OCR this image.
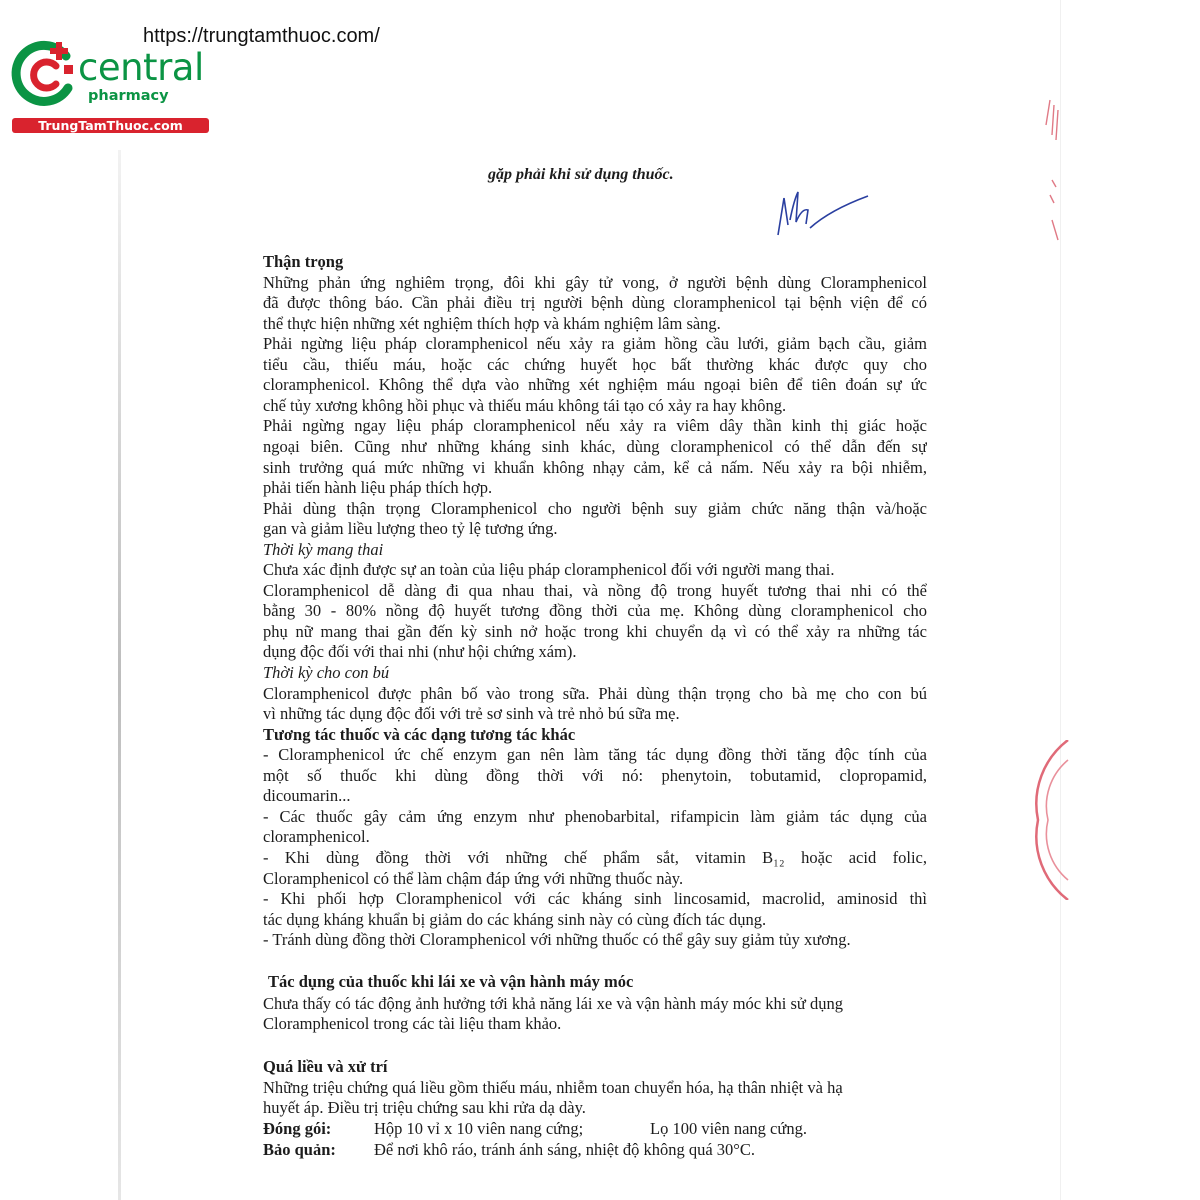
https://trungtamthuoc.com/
central
pharmacy
TrungTamThuoc.com
gặp phải khi sử dụng thuốc.
Thận trọng
Những phản ứng nghiêm trọng, đôi khi gây tử vong, ở người bệnh dùng Cloramphenicol
đã được thông báo. Cần phải điều trị người bệnh dùng cloramphenicol tại bệnh viện để có
thể thực hiện những xét nghiệm thích hợp và khám nghiệm lâm sàng.
Phải ngừng liệu pháp cloramphenicol nếu xảy ra giảm hồng cầu lưới, giảm bạch cầu, giảm
tiểu cầu, thiếu máu, hoặc các chứng huyết học bất thường khác được quy cho
cloramphenicol. Không thể dựa vào những xét nghiệm máu ngoại biên để tiên đoán sự ức
chế tủy xương không hồi phục và thiếu máu không tái tạo có xảy ra hay không.
Phải ngừng ngay liệu pháp cloramphenicol nếu xảy ra viêm dây thần kinh thị giác hoặc
ngoại biên. Cũng như những kháng sinh khác, dùng cloramphenicol có thể dẫn đến sự
sinh trưởng quá mức những vi khuẩn không nhạy cảm, kể cả nấm. Nếu xảy ra bội nhiễm,
phải tiến hành liệu pháp thích hợp.
Phải dùng thận trọng Cloramphenicol cho người bệnh suy giảm chức năng thận và/hoặc
gan và giảm liều lượng theo tỷ lệ tương ứng.
Thời kỳ mang thai
Chưa xác định được sự an toàn của liệu pháp cloramphenicol đối với người mang thai.
Cloramphenicol dễ dàng đi qua nhau thai, và nồng độ trong huyết tương thai nhi có thể
bằng 30 - 80% nồng độ huyết tương đồng thời của mẹ. Không dùng cloramphenicol cho
phụ nữ mang thai gần đến kỳ sinh nở hoặc trong khi chuyển dạ vì có thể xảy ra những tác
dụng độc đối với thai nhi (như hội chứng xám).
Thời kỳ cho con bú
Cloramphenicol được phân bố vào trong sữa. Phải dùng thận trọng cho bà mẹ cho con bú
vì những tác dụng độc đối với trẻ sơ sinh và trẻ nhỏ bú sữa mẹ.
Tương tác thuốc và các dạng tương tác khác
- Cloramphenicol ức chế enzym gan nên làm tăng tác dụng đồng thời tăng độc tính của
một số thuốc khi dùng đồng thời với nó: phenytoin, tobutamid, clopropamid,
dicoumarin...
- Các thuốc gây cảm ứng enzym như phenobarbital, rifampicin làm giảm tác dụng của
cloramphenicol.
- Khi dùng đồng thời với những chế phẩm sắt, vitamin B₁₂ hoặc acid folic,
Cloramphenicol có thể làm chậm đáp ứng với những thuốc này.
- Khi phối hợp Cloramphenicol với các kháng sinh lincosamid, macrolid, aminosid thì
tác dụng kháng khuẩn bị giảm do các kháng sinh này có cùng đích tác dụng.
- Tránh dùng đồng thời Cloramphenicol với những thuốc có thể gây suy giảm tủy xương.
Tác dụng của thuốc khi lái xe và vận hành máy móc
Chưa thấy có tác động ảnh hưởng tới khả năng lái xe và vận hành máy móc khi sử dụng
Cloramphenicol trong các tài liệu tham khảo.
Quá liều và xử trí
Những triệu chứng quá liều gồm thiếu máu, nhiễm toan chuyển hóa, hạ thân nhiệt và hạ
huyết áp. Điều trị triệu chứng sau khi rửa dạ dày.
Đóng gói:	Hộp 10 vỉ x 10 viên nang cứng;	Lọ 100 viên nang cứng.
Bảo quản: Để nơi khô ráo, tránh ánh sáng, nhiệt độ không quá 30°C.
